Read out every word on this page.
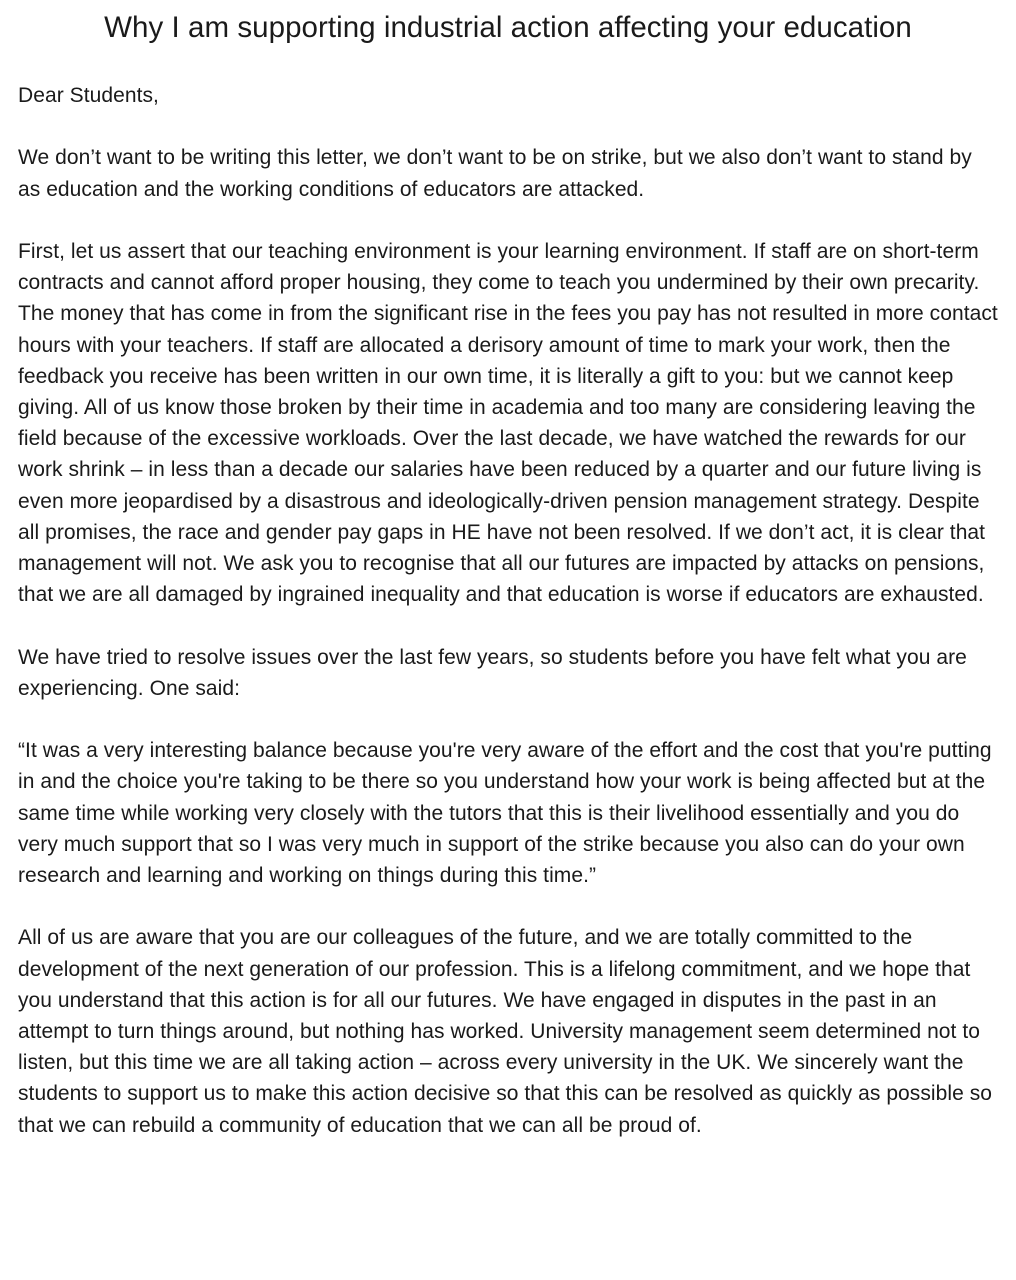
Why I am supporting industrial action affecting your education

Dear Students,

We don’t want to be writing this letter, we don’t want to be on strike, but we also don’t want to stand by as education and the working conditions of educators are attacked.

First, let us assert that our teaching environment is your learning environment. If staff are on short-term contracts and cannot afford proper housing, they come to teach you undermined by their own precarity. The money that has come in from the significant rise in the fees you pay has not resulted in more contact hours with your teachers. If staff are allocated a derisory amount of time to mark your work, then the feedback you receive has been written in our own time, it is literally a gift to you: but we cannot keep giving. All of us know those broken by their time in academia and too many are considering leaving the field because of the excessive workloads. Over the last decade, we have watched the rewards for our work shrink – in less than a decade our salaries have been reduced by a quarter and our future living is even more jeopardised by a disastrous and ideologically-driven pension management strategy. Despite all promises, the race and gender pay gaps in HE have not been resolved. If we don’t act, it is clear that management will not. We ask you to recognise that all our futures are impacted by attacks on pensions, that we are all damaged by ingrained inequality and that education is worse if educators are exhausted.

We have tried to resolve issues over the last few years, so students before you have felt what you are experiencing. One said:

“It was a very interesting balance because you're very aware of the effort and the cost that you're putting in and the choice you're taking to be there so you understand how your work is being affected but at the same time while working very closely with the tutors that this is their livelihood essentially and you do very much support that so I was very much in support of the strike because you also can do your own research and learning and working on things during this time.”

All of us are aware that you are our colleagues of the future, and we are totally committed to the development of the next generation of our profession. This is a lifelong commitment, and we hope that you understand that this action is for all our futures. We have engaged in disputes in the past in an attempt to turn things around, but nothing has worked. University management seem determined not to listen, but this time we are all taking action – across every university in the UK. We sincerely want the students to support us to make this action decisive so that this can be resolved as quickly as possible so that we can rebuild a community of education that we can all be proud of.
